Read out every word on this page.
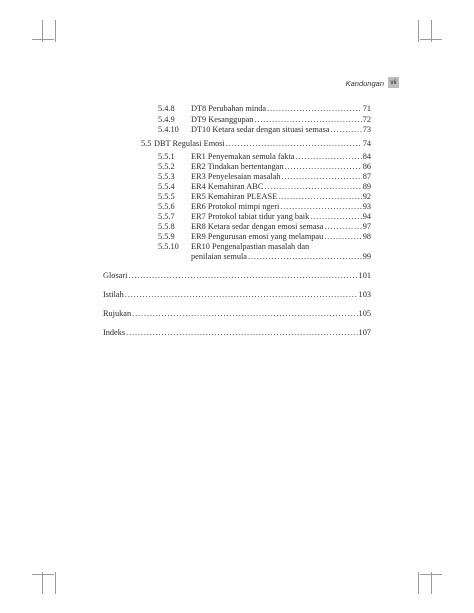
Kandungan vii
5.4.8	DT8 Perubahan minda . . .	71
5.4.9	DT9 Kesanggupan . . .	72
5.4.10	DT10 Ketara sedar dengan situasi semasa . . .	73
5.5 DBT Regulasi Emosi . . .	74
5.5.1	ER1 Penyemakan semula fakta . . .	84
5.5.2	ER2 Tindakan bertentangan . . .	86
5.5.3	ER3 Penyelesaian masalah . . .	87
5.5.4	ER4 Kemahiran ABC . . .	89
5.5.5	ER5 Kemahiran PLEASE . . .	92
5.5.6	ER6 Protokol mimpi ngeri . . .	93
5.5.7	ER7 Protokol tabiat tidur yang baik . . .	94
5.5.8	ER8 Ketara sedar dengan emosi semasa . . .	97
5.5.9	ER9 Pengurusan emosi yang melampau . . .	98
5.5.10	ER10 Pengenalpastian masalah dan
penilaian semula . . .	99
Glosari . . .	101
Istilah . . .	103
Rujukan . . .	105
Indeks . . .	107
